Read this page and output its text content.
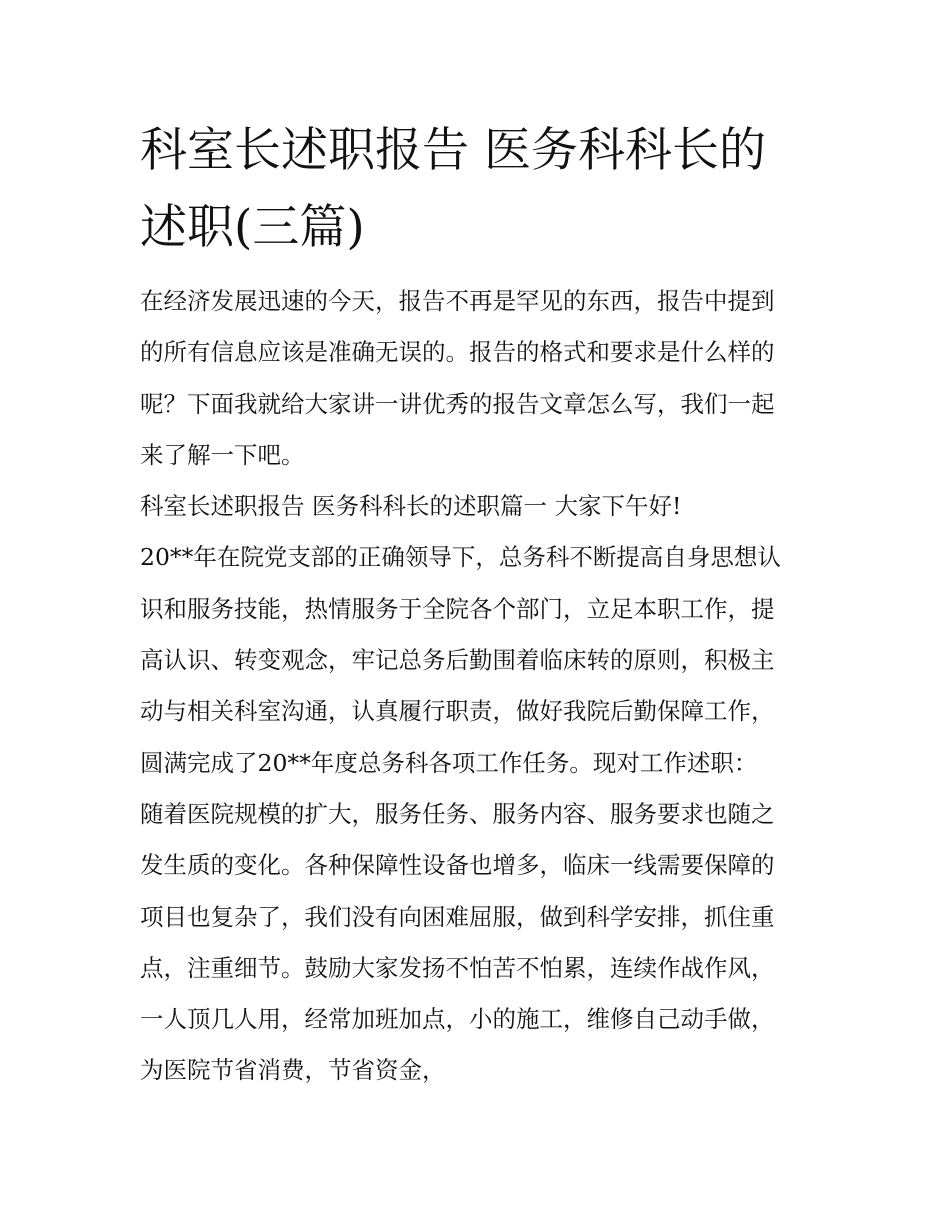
科室长述职报告 医务科科长的
述职(三篇)

在经济发展迅速的今天，报告不再是罕见的东西，报告中提到
的所有信息应该是准确无误的。报告的格式和要求是什么样的
呢？下面我就给大家讲一讲优秀的报告文章怎么写，我们一起
来了解一下吧。

科室长述职报告 医务科科长的述职篇一 大家下午好!

20**年在院党支部的正确领导下，总务科不断提高自身思想认
识和服务技能，热情服务于全院各个部门，立足本职工作，提
高认识、转变观念，牢记总务后勤围着临床转的原则，积极主
动与相关科室沟通，认真履行职责，做好我院后勤保障工作，
圆满完成了20**年度总务科各项工作任务。现对工作述职：

随着医院规模的扩大，服务任务、服务内容、服务要求也随之
发生质的变化。各种保障性设备也增多，临床一线需要保障的
项目也复杂了，我们没有向困难屈服，做到科学安排，抓住重
点，注重细节。鼓励大家发扬不怕苦不怕累，连续作战作风，
一人顶几人用，经常加班加点，小的施工，维修自己动手做，
为医院节省消费，节省资金，
